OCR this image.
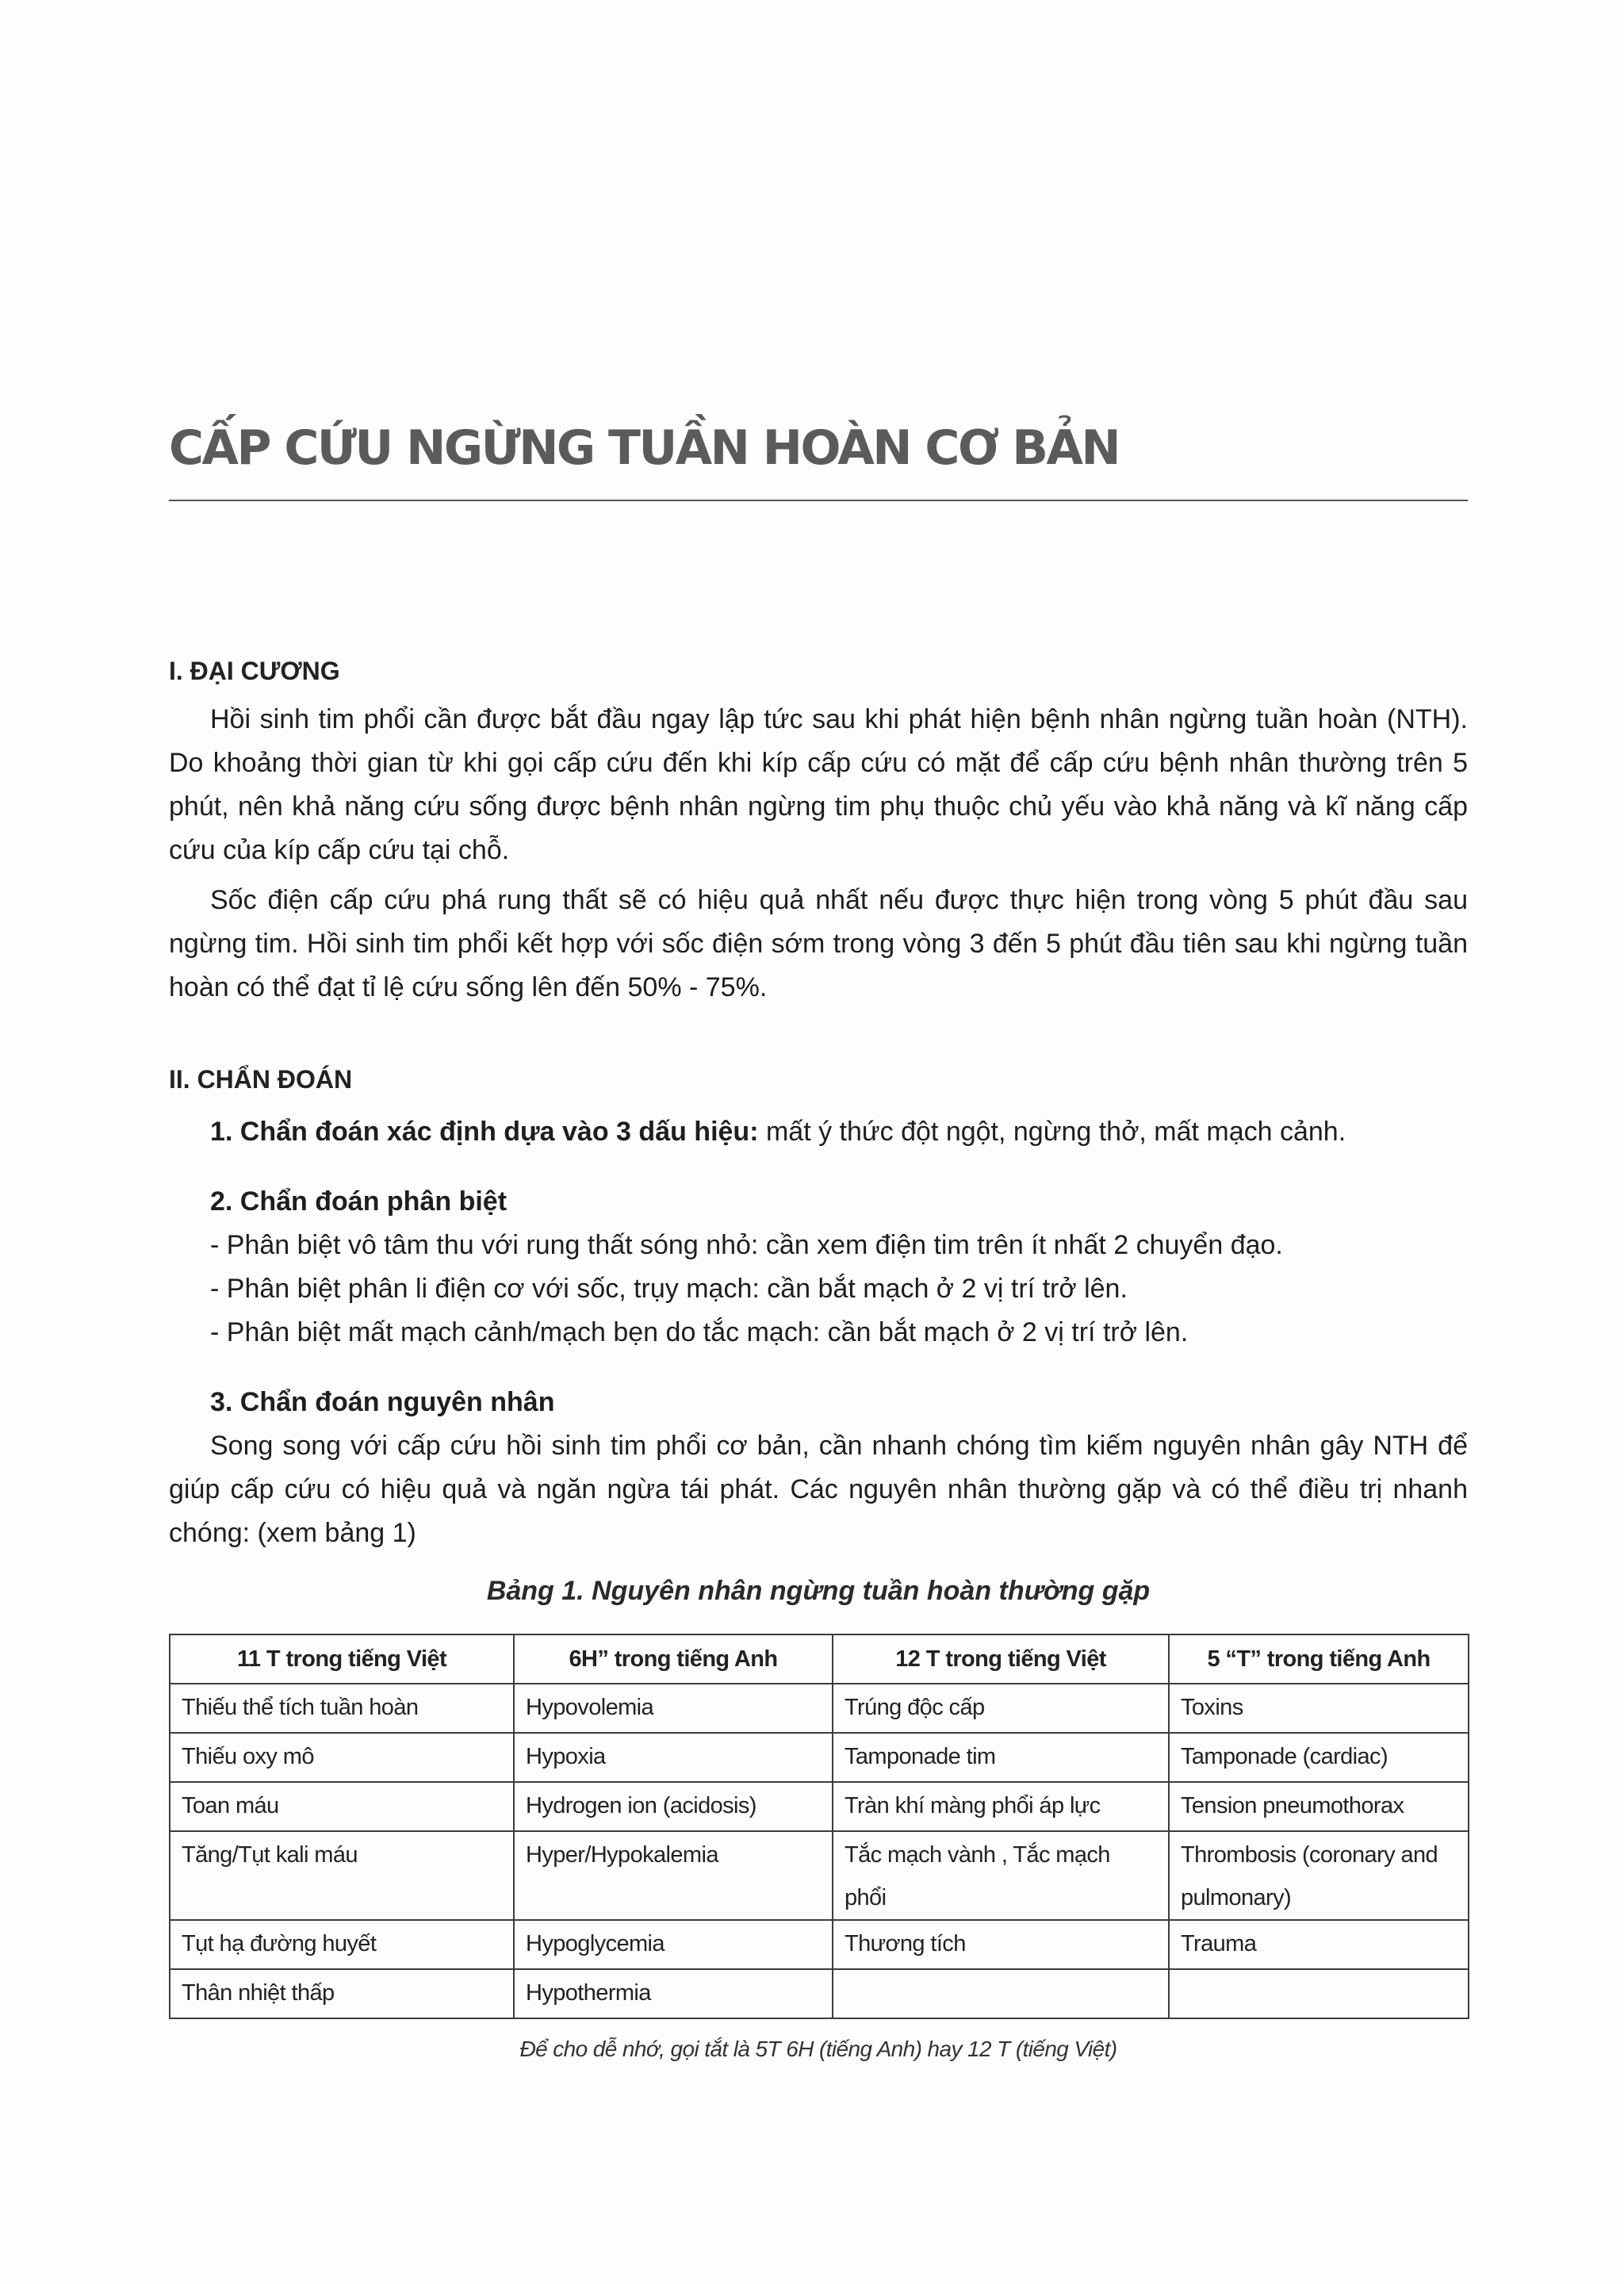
CẤP CỨU NGỪNG TUẦN HOÀN CƠ BẢN
I. ĐẠI CƯƠNG

Hồi sinh tim phổi cần được bắt đầu ngay lập tức sau khi phát hiện bệnh nhân ngừng tuần hoàn (NTH). Do khoảng thời gian từ khi gọi cấp cứu đến khi kíp cấp cứu có mặt để cấp cứu bệnh nhân thường trên 5 phút, nên khả năng cứu sống được bệnh nhân ngừng tim phụ thuộc chủ yếu vào khả năng và kĩ năng cấp cứu của kíp cấp cứu tại chỗ.

Sốc điện cấp cứu phá rung thất sẽ có hiệu quả nhất nếu được thực hiện trong vòng 5 phút đầu sau ngừng tim. Hồi sinh tim phổi kết hợp với sốc điện sớm trong vòng 3 đến 5 phút đầu tiên sau khi ngừng tuần hoàn có thể đạt tỉ lệ cứu sống lên đến 50% - 75%.

II. CHẨN ĐOÁN

1. Chẩn đoán xác định dựa vào 3 dấu hiệu: mất ý thức đột ngột, ngừng thở, mất mạch cảnh.

2. Chẩn đoán phân biệt

- Phân biệt vô tâm thu với rung thất sóng nhỏ: cần xem điện tim trên ít nhất 2 chuyển đạo.

- Phân biệt phân li điện cơ với sốc, trụy mạch: cần bắt mạch ở 2 vị trí trở lên.

- Phân biệt mất mạch cảnh/mạch bẹn do tắc mạch: cần bắt mạch ở 2 vị trí trở lên.

3. Chẩn đoán nguyên nhân

Song song với cấp cứu hồi sinh tim phổi cơ bản, cần nhanh chóng tìm kiếm nguyên nhân gây NTH để giúp cấp cứu có hiệu quả và ngăn ngừa tái phát. Các nguyên nhân thường gặp và có thể điều trị nhanh chóng: (xem bảng 1)

Bảng 1. Nguyên nhân ngừng tuần hoàn thường gặp

11 T trong tiếng Việt	6H” trong tiếng Anh	12 T trong tiếng Việt	5 “T” trong tiếng Anh
Thiếu thể tích tuần hoàn	Hypovolemia	Trúng độc cấp	Toxins
Thiếu oxy mô	Hypoxia	Tamponade tim	Tamponade (cardiac)
Toan máu	Hydrogen ion (acidosis)	Tràn khí màng phổi áp lực	Tension pneumothorax
Tăng/Tụt kali máu	Hyper/Hypokalemia	Tắc mạch vành , Tắc mạch phổi	Thrombosis (coronary and pulmonary)
Tụt hạ đường huyết	Hypoglycemia	Thương tích	Trauma
Thân nhiệt thấp	Hypothermia		

Để cho dễ nhớ, gọi tắt là 5T 6H (tiếng Anh) hay 12 T (tiếng Việt)
